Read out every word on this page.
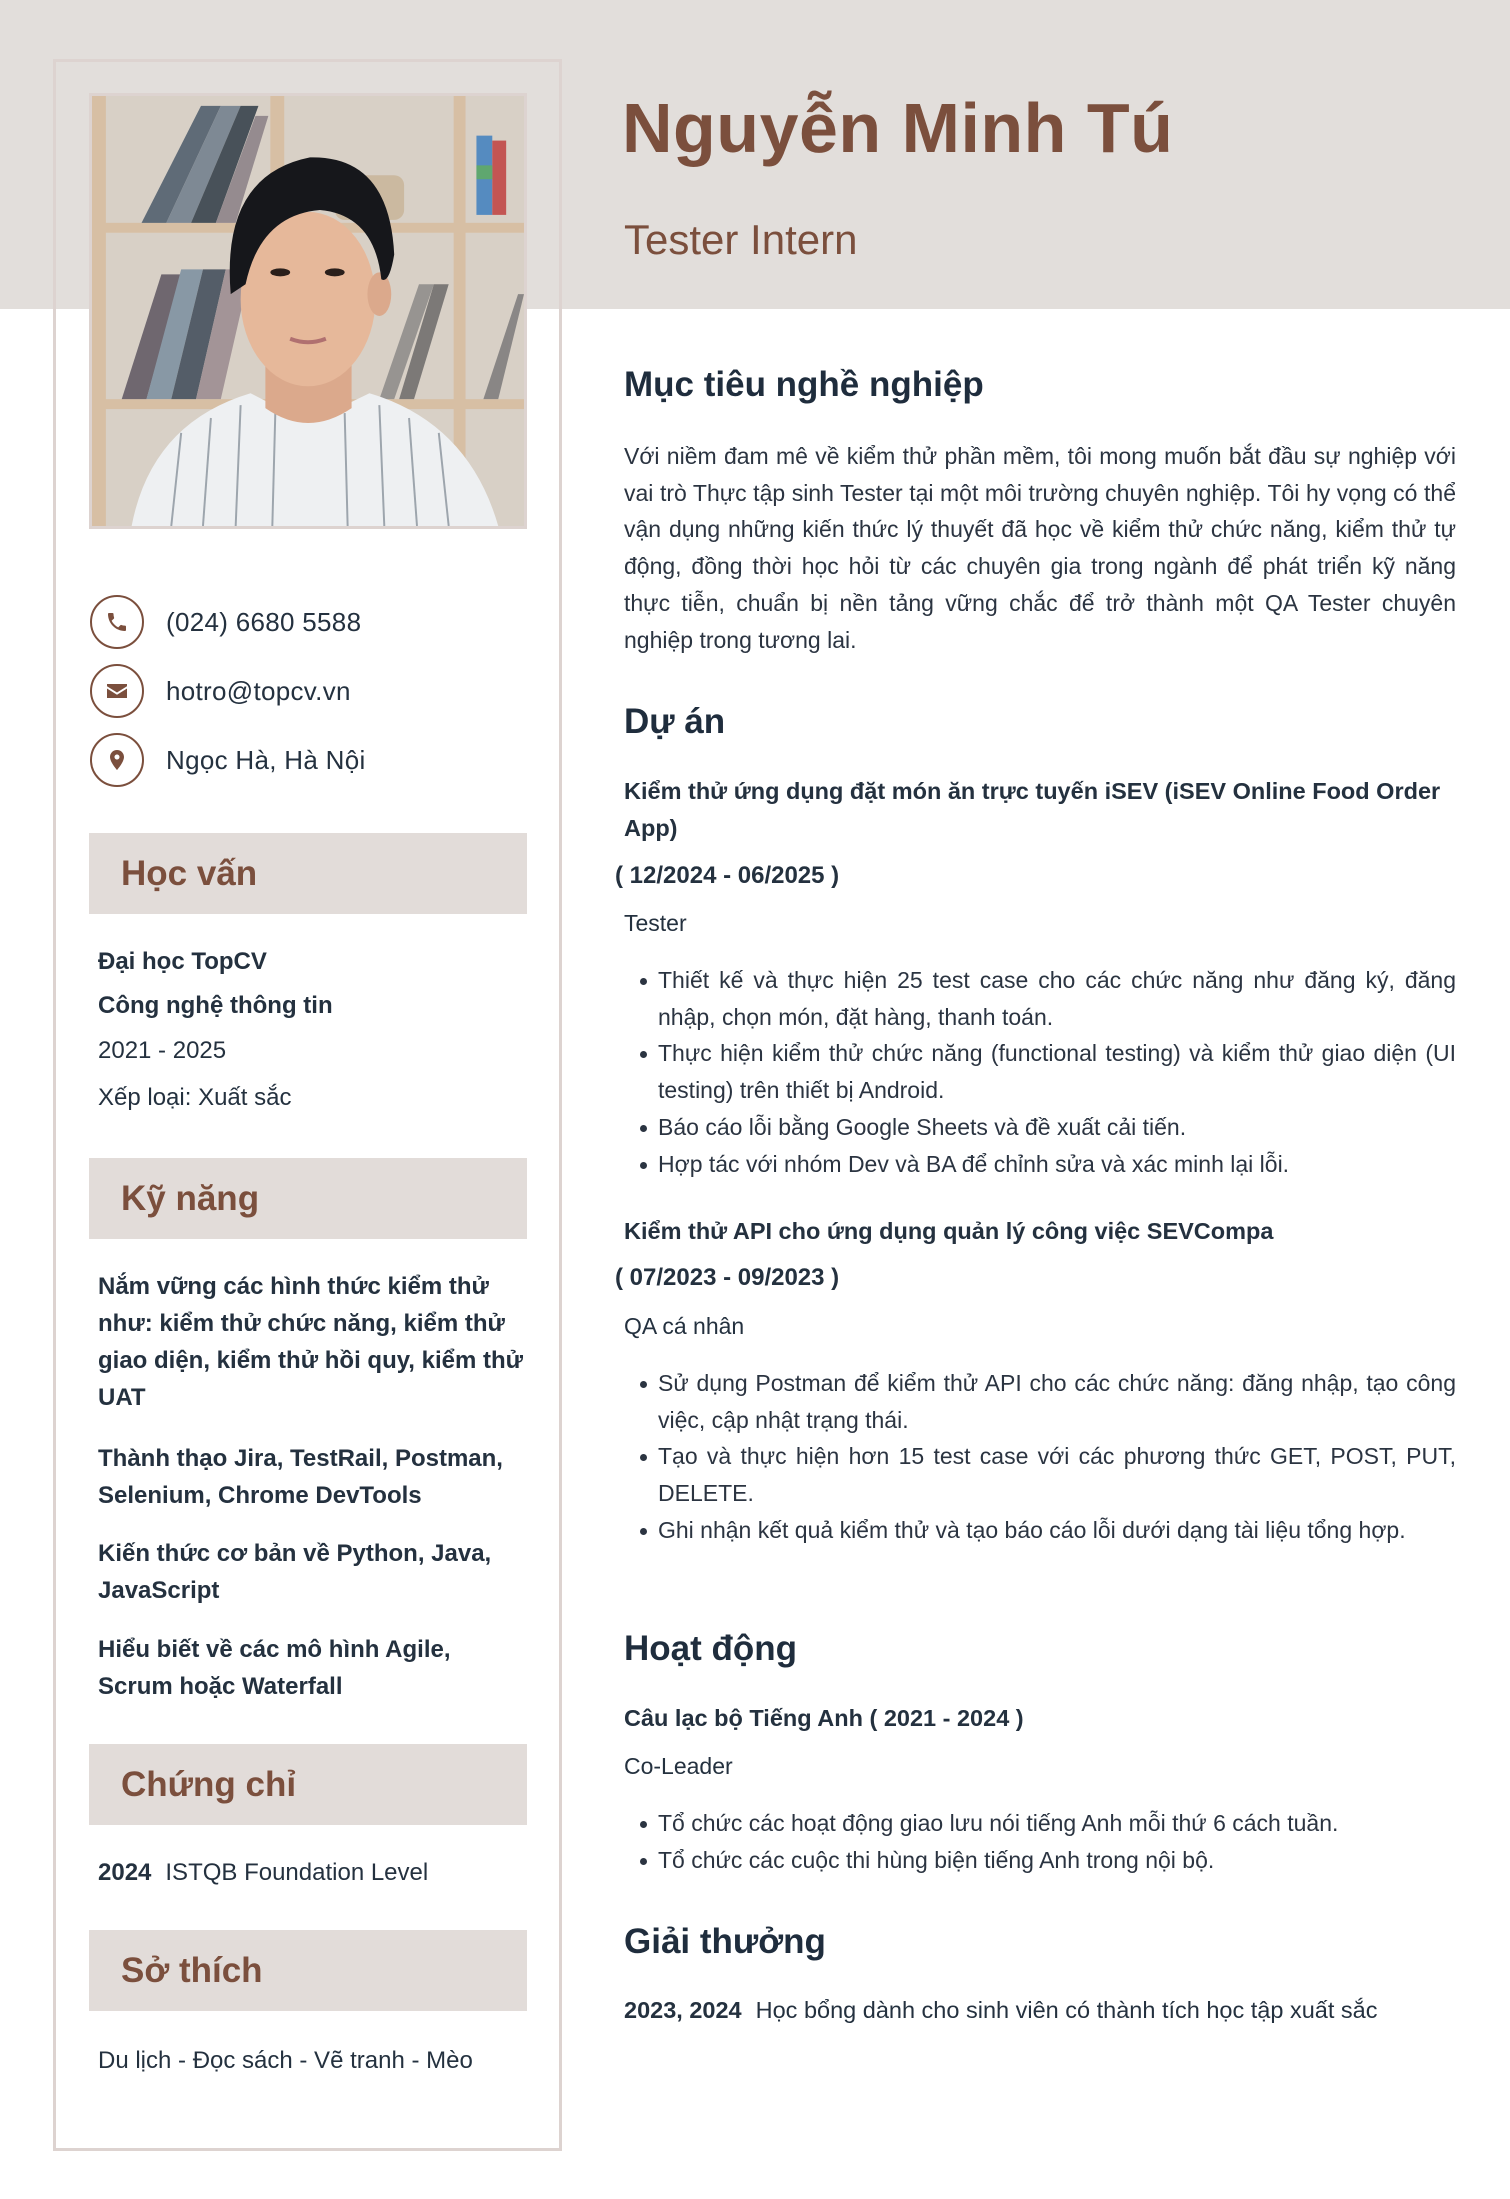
(024) 6680 5588
hotro@topcv.vn
Ngọc Hà, Hà Nội
Học vấn
Đại học TopCV
Công nghệ thông tin
2021 - 2025
Xếp loại: Xuất sắc
Kỹ năng
Nắm vững các hình thức kiểm thử như: kiểm thử chức năng, kiểm thử giao diện, kiểm thử hồi quy, kiểm thử UAT
Thành thạo Jira, TestRail, Postman, Selenium, Chrome DevTools
Kiến thức cơ bản về Python, Java, JavaScript
Hiểu biết về các mô hình Agile, Scrum hoặc Waterfall
Chứng chỉ
2024 ISTQB Foundation Level
Sở thích
Du lịch - Đọc sách - Vẽ tranh - Mèo
Nguyễn Minh Tú
Tester Intern
Mục tiêu nghề nghiệp
Với niềm đam mê về kiểm thử phần mềm, tôi mong muốn bắt đầu sự nghiệp với vai trò Thực tập sinh Tester tại một môi trường chuyên nghiệp. Tôi hy vọng có thể vận dụng những kiến thức lý thuyết đã học về kiểm thử chức năng, kiểm thử tự động, đồng thời học hỏi từ các chuyên gia trong ngành để phát triển kỹ năng thực tiễn, chuẩn bị nền tảng vững chắc để trở thành một QA Tester chuyên nghiệp trong tương lai.
Dự án
Kiểm thử ứng dụng đặt món ăn trực tuyến iSEV (iSEV Online Food Order App)
( 12/2024 - 06/2025 )
Tester
Thiết kế và thực hiện 25 test case cho các chức năng như đăng ký, đăng nhập, chọn món, đặt hàng, thanh toán.
Thực hiện kiểm thử chức năng (functional testing) và kiểm thử giao diện (UI testing) trên thiết bị Android.
Báo cáo lỗi bằng Google Sheets và đề xuất cải tiến.
Hợp tác với nhóm Dev và BA để chỉnh sửa và xác minh lại lỗi.
Kiểm thử API cho ứng dụng quản lý công việc SEVCompa
( 07/2023 - 09/2023 )
QA cá nhân
Sử dụng Postman để kiểm thử API cho các chức năng: đăng nhập, tạo công việc, cập nhật trạng thái.
Tạo và thực hiện hơn 15 test case với các phương thức GET, POST, PUT, DELETE.
Ghi nhận kết quả kiểm thử và tạo báo cáo lỗi dưới dạng tài liệu tổng hợp.
Hoạt động
Câu lạc bộ Tiếng Anh ( 2021 - 2024 )
Co-Leader
Tổ chức các hoạt động giao lưu nói tiếng Anh mỗi thứ 6 cách tuần.
Tổ chức các cuộc thi hùng biện tiếng Anh trong nội bộ.
Giải thưởng
2023, 2024 Học bổng dành cho sinh viên có thành tích học tập xuất sắc
